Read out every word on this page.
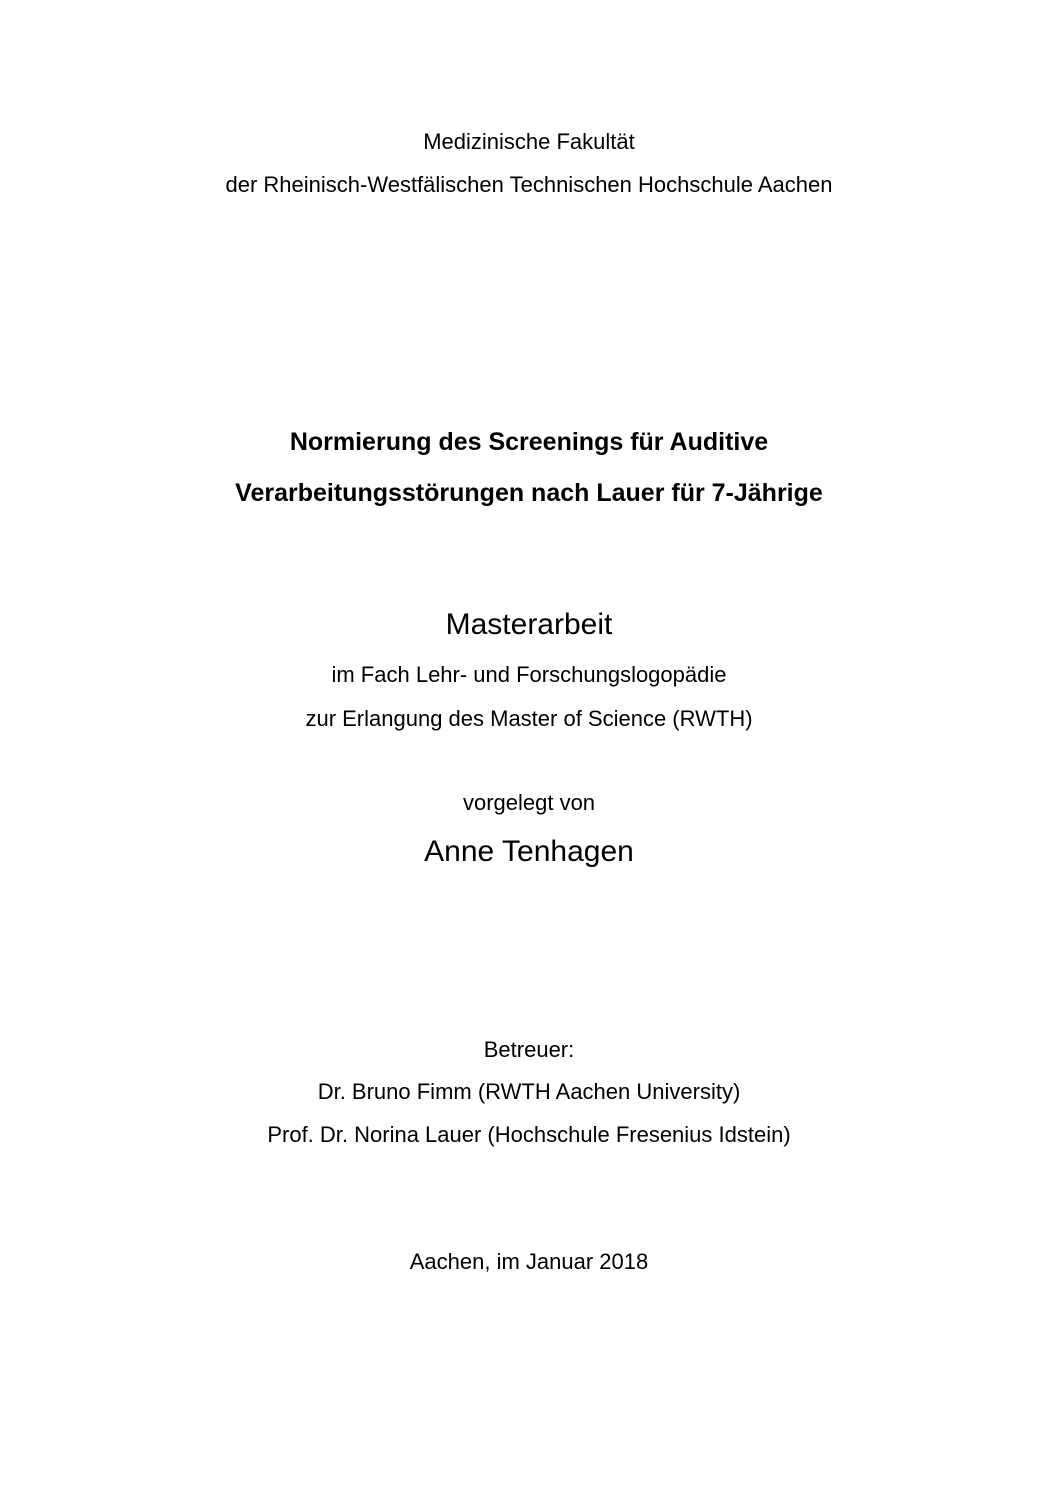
Medizinische Fakultät
der Rheinisch-Westfälischen Technischen Hochschule Aachen
Normierung des Screenings für Auditive
Verarbeitungsstörungen nach Lauer für 7-Jährige
Masterarbeit
im Fach Lehr- und Forschungslogopädie
zur Erlangung des Master of Science (RWTH)
vorgelegt von
Anne Tenhagen
Betreuer:
Dr. Bruno Fimm (RWTH Aachen University)
Prof. Dr. Norina Lauer (Hochschule Fresenius Idstein)
Aachen, im Januar 2018
